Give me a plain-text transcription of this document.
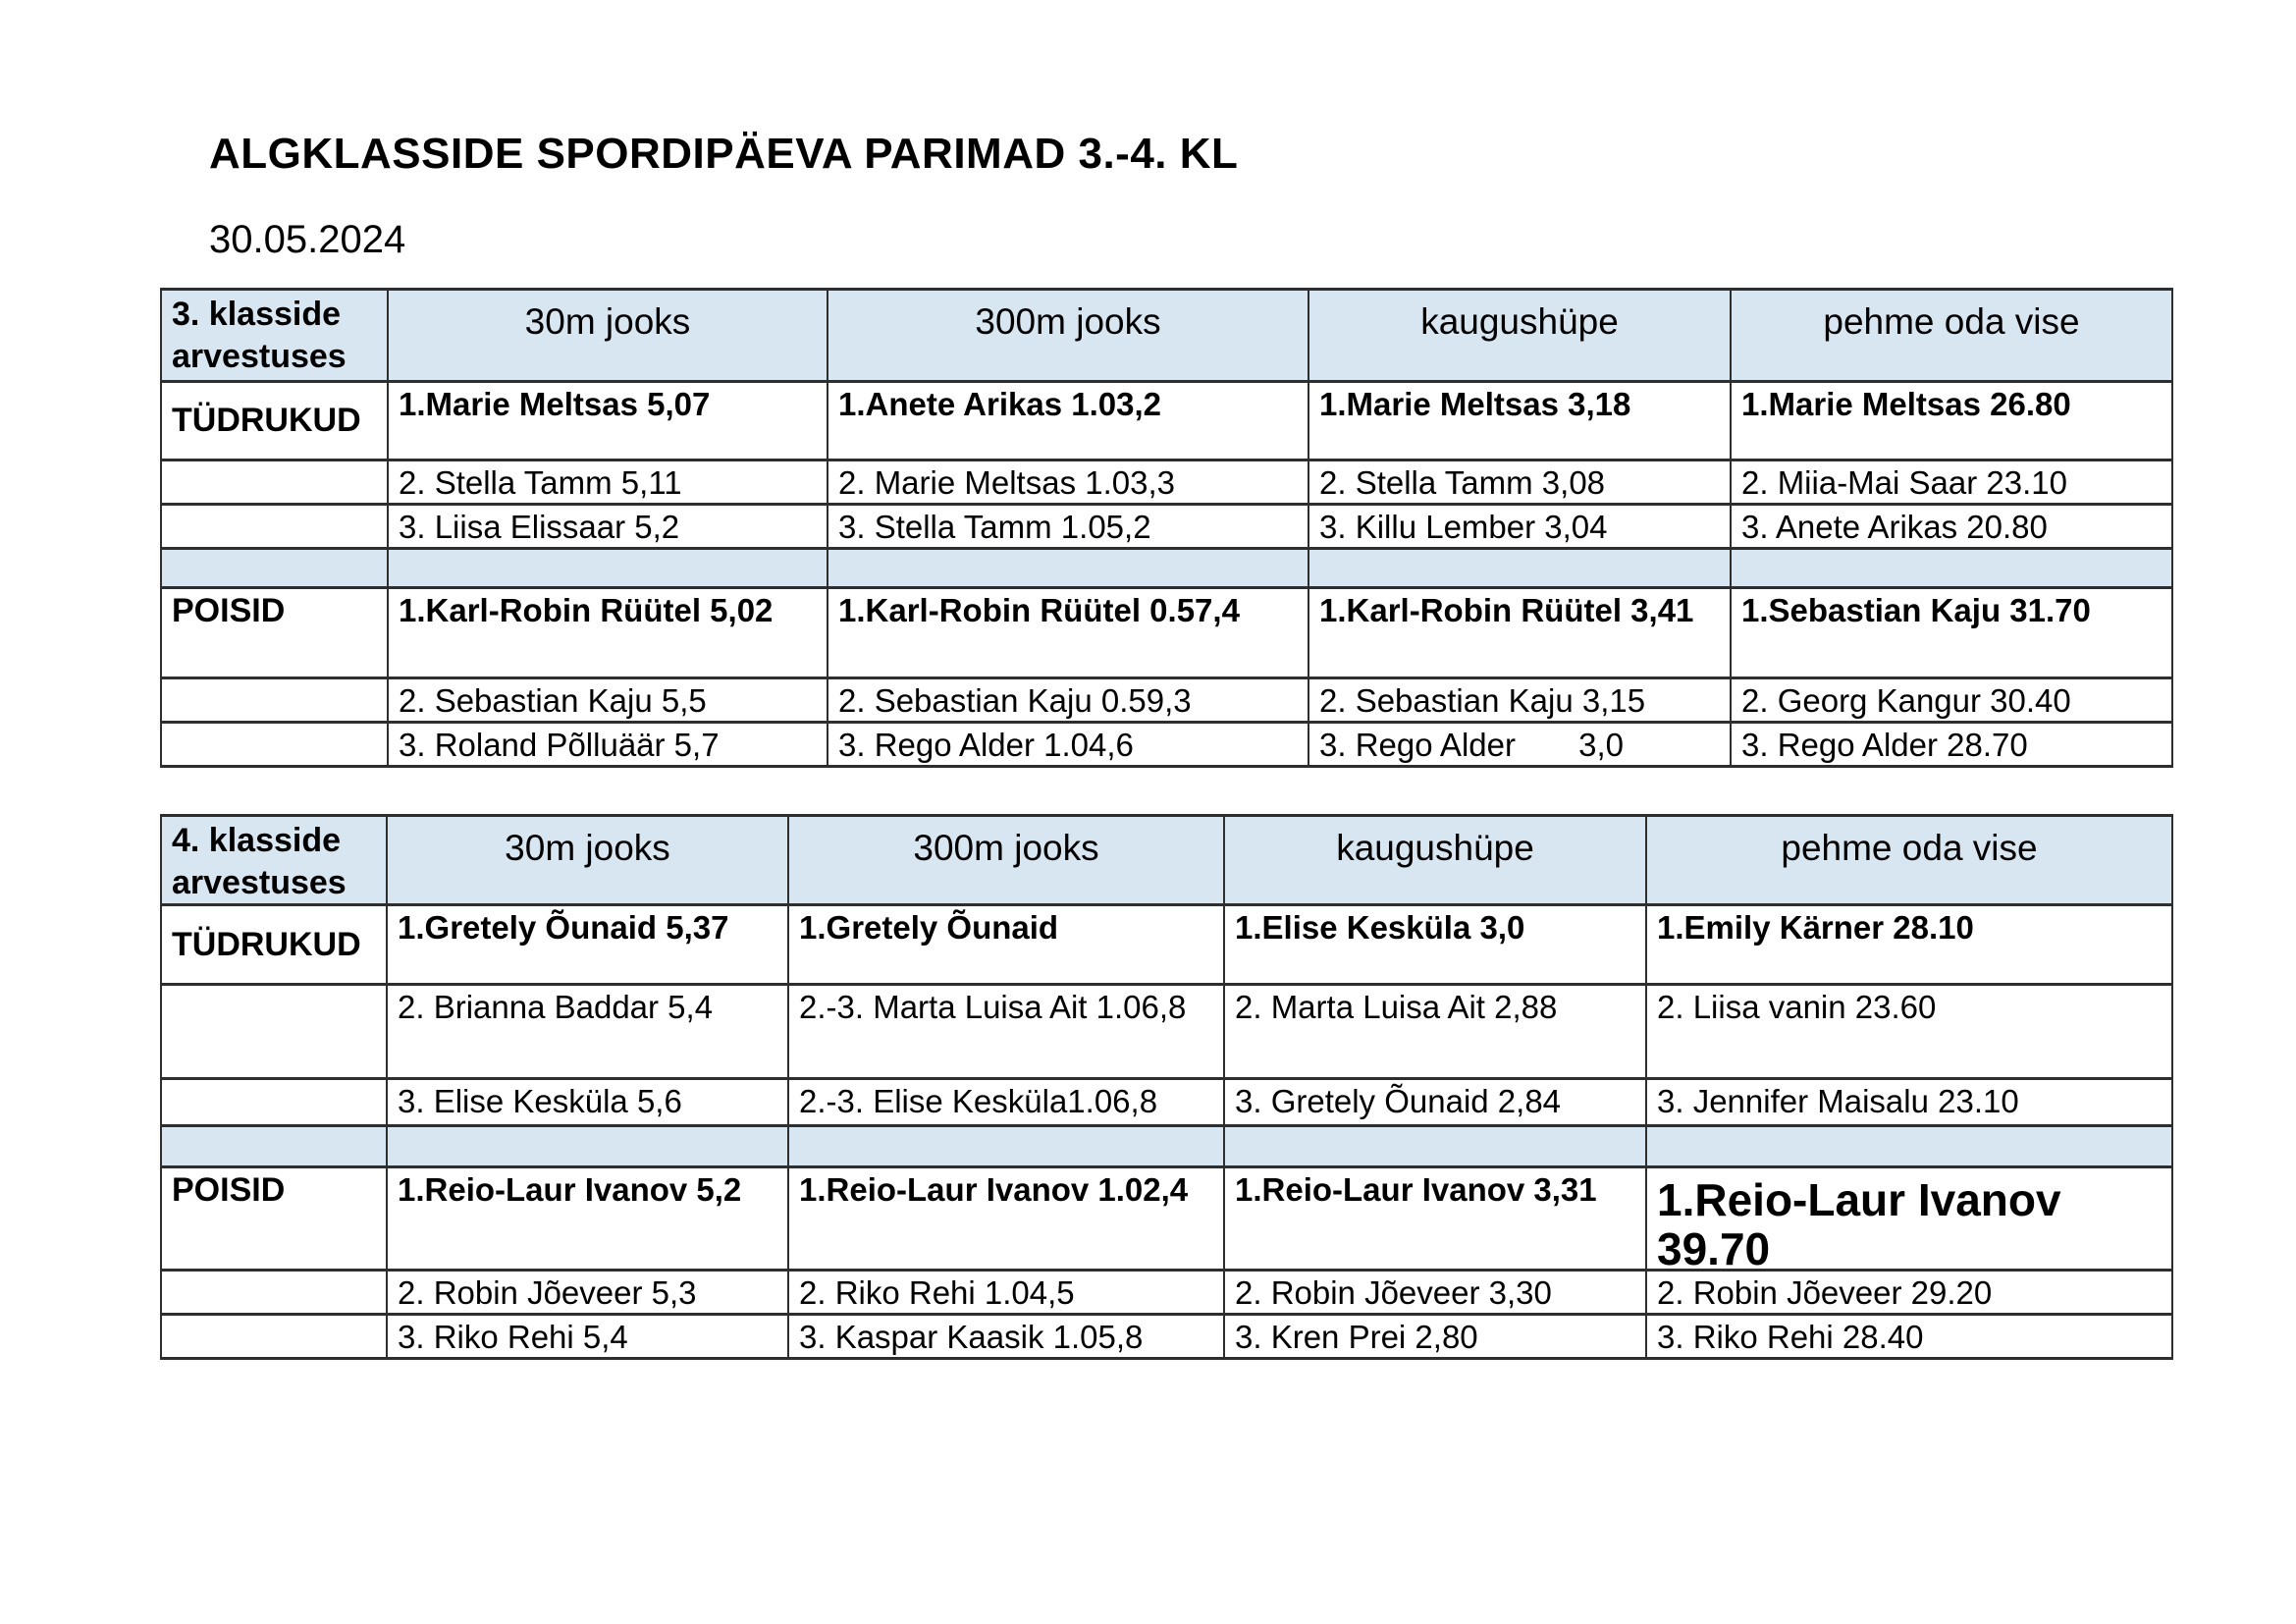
ALGKLASSIDE SPORDIPÄEVA PARIMAD 3.-4. KL
30.05.2024
3. klasside arvestuses
30m jooks	300m jooks	kaugushüpe	pehme oda vise
TÜDRUKUD	1.Marie Meltsas 5,07	1.Anete Arikas 1.03,2	1.Marie Meltsas 3,18	1.Marie Meltsas 26.80
2. Stella Tamm 5,11	2. Marie Meltsas 1.03,3	2. Stella Tamm 3,08	2. Miia-Mai Saar 23.10
3. Liisa Elissaar 5,2	3. Stella Tamm 1.05,2	3. Killu Lember 3,04	3. Anete Arikas 20.80
POISID	1.Karl-Robin Rüütel 5,02	1.Karl-Robin Rüütel 0.57,4	1.Karl-Robin Rüütel 3,41	1.Sebastian Kaju 31.70
2. Sebastian Kaju 5,5	2. Sebastian Kaju 0.59,3	2. Sebastian Kaju 3,15	2. Georg Kangur 30.40
3. Roland Põlluäär 5,7	3. Rego Alder 1.04,6	3. Rego Alder       3,0	3. Rego Alder 28.70
4. klasside arvestuses
30m jooks	300m jooks	kaugushüpe	pehme oda vise
TÜDRUKUD	1.Gretely Õunaid 5,37	1.Gretely Õunaid	1.Elise Kesküla 3,0	1.Emily Kärner 28.10
2. Brianna Baddar 5,4	2.-3. Marta Luisa Ait 1.06,8	2. Marta Luisa Ait 2,88	2. Liisa vanin 23.60
3. Elise Kesküla 5,6	2.-3. Elise Kesküla1.06,8	3. Gretely Õunaid 2,84	3. Jennifer Maisalu 23.10
POISID	1.Reio-Laur Ivanov 5,2	1.Reio-Laur Ivanov 1.02,4	1.Reio-Laur Ivanov 3,31	1.Reio-Laur Ivanov 39.70
2. Robin Jõeveer 5,3	2. Riko Rehi 1.04,5	2. Robin Jõeveer 3,30	2. Robin Jõeveer 29.20
3. Riko Rehi 5,4	3. Kaspar Kaasik 1.05,8	3. Kren Prei 2,80	3. Riko Rehi 28.40
